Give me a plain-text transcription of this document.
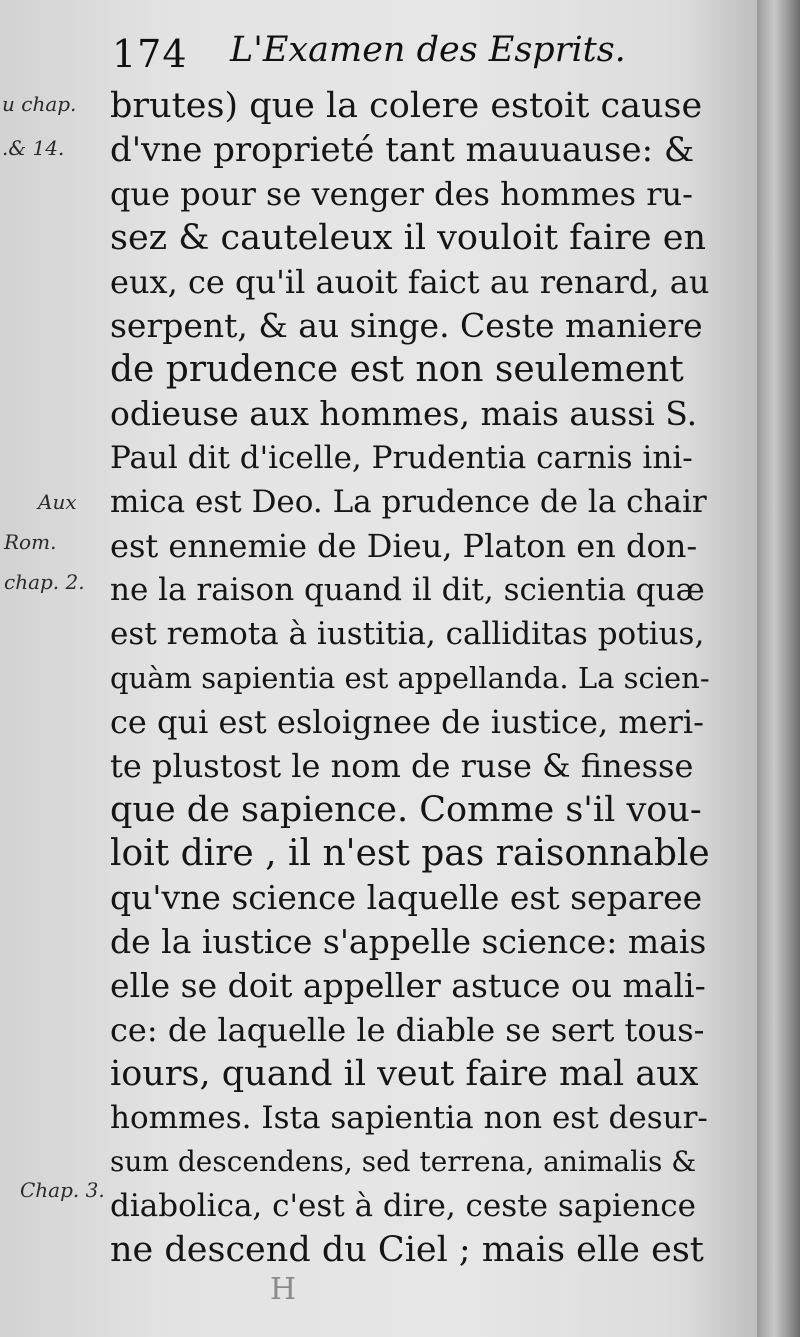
174 L'Examen des Esprits.
u chap.
.& 14.
Aux
Rom.
chap. 2.
Chap. 3.
brutes) que la colere estoit cause
d'vne proprieté tant mauuause: &
que pour se venger des hommes ru-
sez & cauteleux il vouloit faire en
eux, ce qu'il auoit faict au renard, au
serpent, & au singe. Ceste maniere
de prudence est non seulement
odieuse aux hommes, mais aussi S.
Paul dit d'icelle, Prudentia carnis ini-
mica est Deo. La prudence de la chair
est ennemie de Dieu, Platon en don-
ne la raison quand il dit, scientia quæ
est remota à iustitia, calliditas potius,
quàm sapientia est appellanda. La scien-
ce qui est esloignee de iustice, meri-
te plustost le nom de ruse & finesse
que de sapience. Comme s'il vou-
loit dire , il n'est pas raisonnable
qu'vne science laquelle est separee
de la iustice s'appelle science: mais
elle se doit appeller astuce ou mali-
ce: de laquelle le diable se sert tous-
iours, quand il veut faire mal aux
hommes. Ista sapientia non est desur-
sum descendens, sed terrena, animalis &
diabolica, c'est à dire, ceste sapience
ne descend du Ciel ; mais elle est
H
